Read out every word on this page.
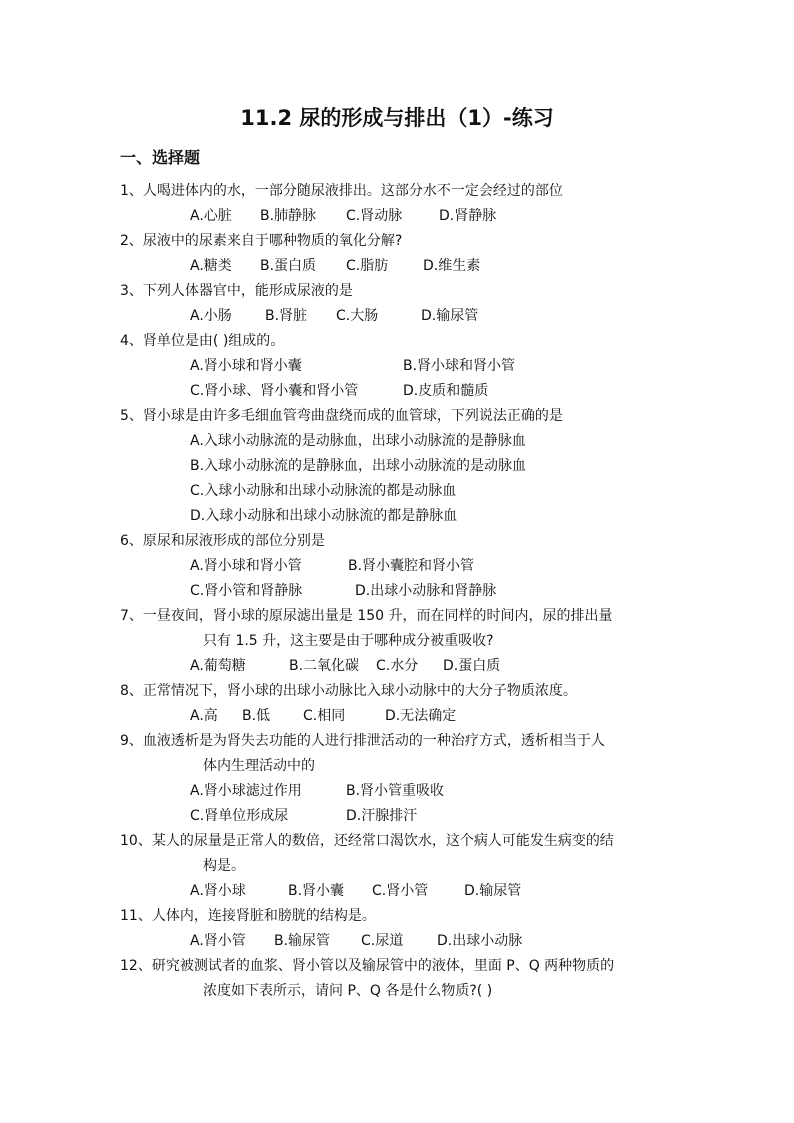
11.2 尿的形成与排出（1）-练习
一、选择题
1、人喝进体内的水，一部分随尿液排出。这部分水不一定会经过的部位
A.心脏	B.肺静脉	C.肾动脉	D.肾静脉
2、尿液中的尿素来自于哪种物质的氧化分解?
A.糖类	B.蛋白质	C.脂肪	D.维生素
3、下列人体器官中，能形成尿液的是
A.小肠	B.肾脏	C.大肠	D.输尿管
4、肾单位是由( )组成的。
A.肾小球和肾小囊	B.肾小球和肾小管
C.肾小球、肾小囊和肾小管	D.皮质和髓质
5、肾小球是由许多毛细血管弯曲盘绕而成的血管球，下列说法正确的是
A.入球小动脉流的是动脉血，出球小动脉流的是静脉血
B.入球小动脉流的是静脉血，出球小动脉流的是动脉血
C.入球小动脉和出球小动脉流的都是动脉血
D.入球小动脉和出球小动脉流的都是静脉血
6、原尿和尿液形成的部位分别是
A.肾小球和肾小管	B.肾小囊腔和肾小管
C.肾小管和肾静脉	D.出球小动脉和肾静脉
7、一昼夜间，肾小球的原尿滤出量是 150 升，而在同样的时间内，尿的排出量
只有 1.5 升，这主要是由于哪种成分被重吸收?
A.葡萄糖	B.二氧化碳	C.水分	D.蛋白质
8、正常情况下，肾小球的出球小动脉比入球小动脉中的大分子物质浓度。
A.高	B.低	C.相同	D.无法确定
9、血液透析是为肾失去功能的人进行排泄活动的一种治疗方式，透析相当于人
体内生理活动中的
A.肾小球滤过作用	B.肾小管重吸收
C.肾单位形成尿	D.汗腺排汗
10、某人的尿量是正常人的数倍，还经常口渴饮水，这个病人可能发生病变的结
构是。
A.肾小球	B.肾小囊	C.肾小管	D.输尿管
11、人体内，连接肾脏和膀胱的结构是。
A.肾小管	B.输尿管	C.尿道	D.出球小动脉
12、研究被测试者的血浆、肾小管以及输尿管中的液体，里面 P、Q 两种物质的
浓度如下表所示，请问 P、Q 各是什么物质?( )
